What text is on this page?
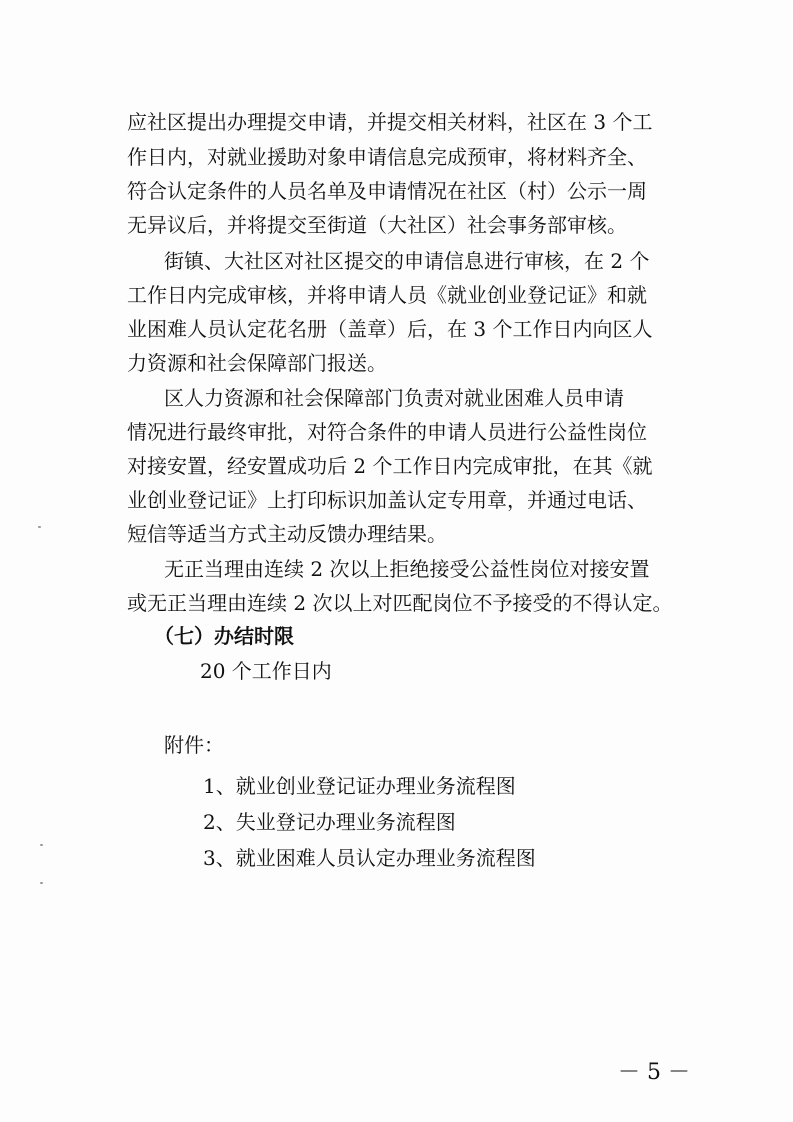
应社区提出办理提交申请，并提交相关材料，社区在 3 个工
作日内，对就业援助对象申请信息完成预审，将材料齐全、
符合认定条件的人员名单及申请情况在社区（村）公示一周
无异议后，并将提交至街道（大社区）社会事务部审核。
街镇、大社区对社区提交的申请信息进行审核，在 2 个
工作日内完成审核，并将申请人员《就业创业登记证》和就
业困难人员认定花名册（盖章）后，在 3 个工作日内向区人
力资源和社会保障部门报送。
区人力资源和社会保障部门负责对就业困难人员申请
情况进行最终审批，对符合条件的申请人员进行公益性岗位
对接安置，经安置成功后 2 个工作日内完成审批，在其《就
业创业登记证》上打印标识加盖认定专用章，并通过电话、
短信等适当方式主动反馈办理结果。
无正当理由连续 2 次以上拒绝接受公益性岗位对接安置
或无正当理由连续 2 次以上对匹配岗位不予接受的不得认定。
（七）办结时限
20 个工作日内
附件：
1、就业创业登记证办理业务流程图
2、失业登记办理业务流程图
3、就业困难人员认定办理业务流程图
－ 5 －
